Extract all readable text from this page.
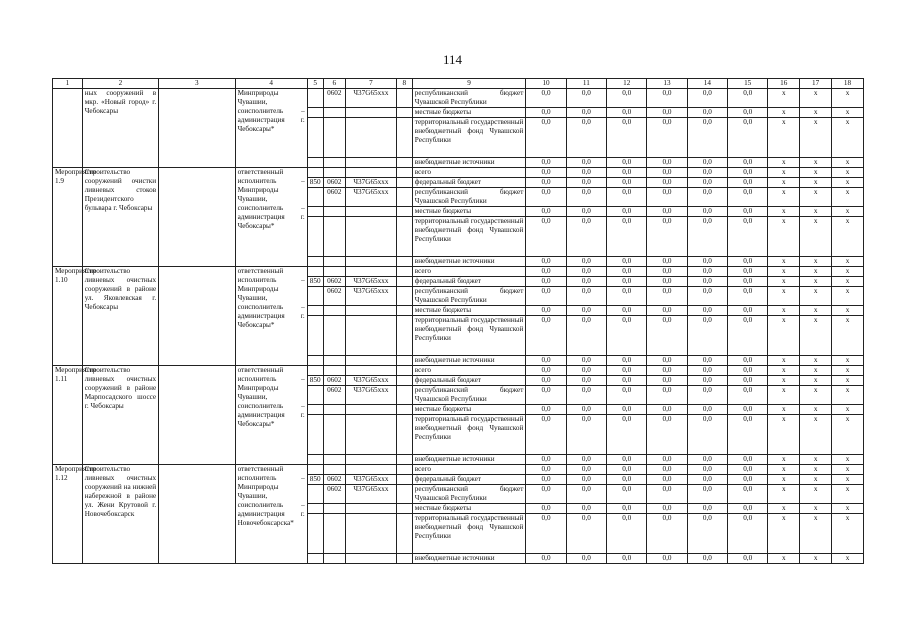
114
1	2	3	4	5	6	7	8	9	10	11	12	13	14	15	16	17	18
	ных сооружений в мкр. «Новый город» г. Чебоксары		Минприроды Чувашии, соисполнитель – администрация г. Чебоксары*		0602	Ч37G65ххх		республиканский бюджет Чувашской Республики	0,0	0,0	0,0	0,0	0,0	0,0	х	х	х
								местные бюджеты	0,0	0,0	0,0	0,0	0,0	0,0	х	х	х
								территориальный государственный внебюджетный фонд Чувашской Республики	0,0	0,0	0,0	0,0	0,0	0,0	х	х	х
								внебюджетные источники	0,0	0,0	0,0	0,0	0,0	0,0	х	х	х
Мероприятие 1.9	Строительство сооружений очистки ливневых стоков Президентского бульвара г. Чебоксары		ответственный исполнитель – Минприроды Чувашии, соисполнитель – администрация г. Чебоксары*					всего	0,0	0,0	0,0	0,0	0,0	0,0	х	х	х
				850	0602	Ч37G65ххх		федеральный бюджет	0,0	0,0	0,0	0,0	0,0	0,0	х	х	х
					0602	Ч37G65ххх		республиканский бюджет Чувашской Республики	0,0	0,0	0,0	0,0	0,0	0,0	х	х	х
								местные бюджеты	0,0	0,0	0,0	0,0	0,0	0,0	х	х	х
								территориальный государственный внебюджетный фонд Чувашской Республики	0,0	0,0	0,0	0,0	0,0	0,0	х	х	х
								внебюджетные источники	0,0	0,0	0,0	0,0	0,0	0,0	х	х	х
Мероприятие 1.10	Строительство ливневых очистных сооружений в районе ул. Яковлевская г. Чебоксары		ответственный исполнитель – Минприроды Чувашии, соисполнитель – администрация г. Чебоксары*					всего	0,0	0,0	0,0	0,0	0,0	0,0	х	х	х
				850	0602	Ч37G65ххх		федеральный бюджет	0,0	0,0	0,0	0,0	0,0	0,0	х	х	х
					0602	Ч37G65ххх		республиканский бюджет Чувашской Республики	0,0	0,0	0,0	0,0	0,0	0,0	х	х	х
								местные бюджеты	0,0	0,0	0,0	0,0	0,0	0,0	х	х	х
								территориальный государственный внебюджетный фонд Чувашской Республики	0,0	0,0	0,0	0,0	0,0	0,0	х	х	х
								внебюджетные источники	0,0	0,0	0,0	0,0	0,0	0,0	х	х	х
Мероприятие 1.11	Строительство ливневых очистных сооружений в районе Марпосадского шоссе г. Чебоксары		ответственный исполнитель – Минприроды Чувашии, соисполнитель – администрация г. Чебоксары*					всего	0,0	0,0	0,0	0,0	0,0	0,0	х	х	х
				850	0602	Ч37G65ххх		федеральный бюджет	0,0	0,0	0,0	0,0	0,0	0,0	х	х	х
					0602	Ч37G65ххх		республиканский бюджет Чувашской Республики	0,0	0,0	0,0	0,0	0,0	0,0	х	х	х
								местные бюджеты	0,0	0,0	0,0	0,0	0,0	0,0	х	х	х
								территориальный государственный внебюджетный фонд Чувашской Республики	0,0	0,0	0,0	0,0	0,0	0,0	х	х	х
								внебюджетные источники	0,0	0,0	0,0	0,0	0,0	0,0	х	х	х
Мероприятие 1.12	Строительство ливневых очистных сооружений на нижней набережной в районе ул. Жени Крутовой г. Новочебоксарск		ответственный исполнитель – Минприроды Чувашии, соисполнитель – администрация г. Новочебоксарска*					всего	0,0	0,0	0,0	0,0	0,0	0,0	х	х	х
				850	0602	Ч37G65ххх		федеральный бюджет	0,0	0,0	0,0	0,0	0,0	0,0	х	х	х
					0602	Ч37G65ххх		республиканский бюджет Чувашской Республики	0,0	0,0	0,0	0,0	0,0	0,0	х	х	х
								местные бюджеты	0,0	0,0	0,0	0,0	0,0	0,0	х	х	х
								территориальный государственный внебюджетный фонд Чувашской Республики	0,0	0,0	0,0	0,0	0,0	0,0	х	х	х
								внебюджетные источники	0,0	0,0	0,0	0,0	0,0	0,0	х	х	х
